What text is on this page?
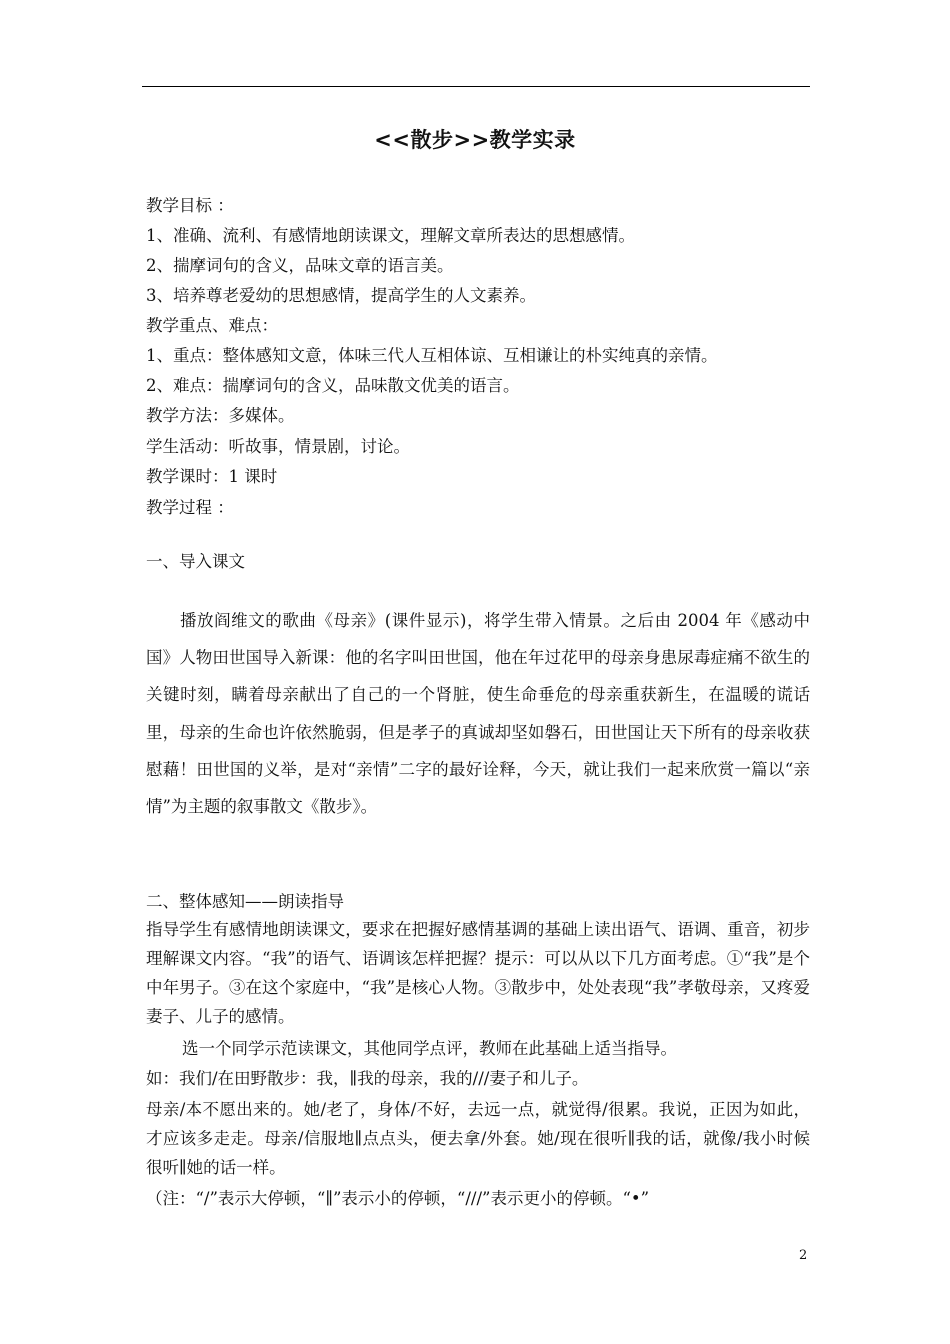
<<散步>>教学实录
教学目标 ：
1、准确、流利、有感情地朗读课文，理解文章所表达的思想感情。
2、揣摩词句的含义，品味文章的语言美。
3、培养尊老爱幼的思想感情，提高学生的人文素养。
教学重点、难点：
1、重点：整体感知文意，体味三代人互相体谅、互相谦让的朴实纯真的亲情。
2、难点：揣摩词句的含义，品味散文优美的语言。
教学方法：多媒体。
学生活动：听故事，情景剧，讨论。
教学课时：1 课时
教学过程 ：
一、导入课文

播放阎维文的歌曲《母亲》(课件显示)，将学生带入情景。之后由 2004 年《感动中国》人物田世国导入新课：他的名字叫田世国，他在年过花甲的母亲身患尿毒症痛不欲生的关键时刻，瞒着母亲献出了自己的一个肾脏，使生命垂危的母亲重获新生，在温暖的谎话里，母亲的生命也许依然脆弱，但是孝子的真诚却坚如磐石，田世国让天下所有的母亲收获慰藉！田世国的义举，是对“亲情”二字的最好诠释，今天，就让我们一起来欣赏一篇以“亲情”为主题的叙事散文《散步》。

二、整体感知——朗读指导

指导学生有感情地朗读课文，要求在把握好感情基调的基础上读出语气、语调、重音，初步理解课文内容。“我”的语气、语调该怎样把握？提示：可以从以下几方面考虑。①“我”是个中年男子。③在这个家庭中，“我”是核心人物。③散步中，处处表现“我”孝敬母亲，又疼爱妻子、儿子的感情。

选一个同学示范读课文，其他同学点评，教师在此基础上适当指导。
如：我们/在田野散步：我，∥我的母亲，我的///妻子和儿子。

母亲/本不愿出来的。她/老了，身体/不好，去远一点，就觉得/很累。我说，正因为如此，才应该多走走。母亲/信服地∥点点头，便去拿/外套。她/现在很听∥我的话，就像/我小时候很听∥她的话一样。

（注：“/”表示大停顿，“∥”表示小的停顿，“///”表示更小的停顿。“•”
2
